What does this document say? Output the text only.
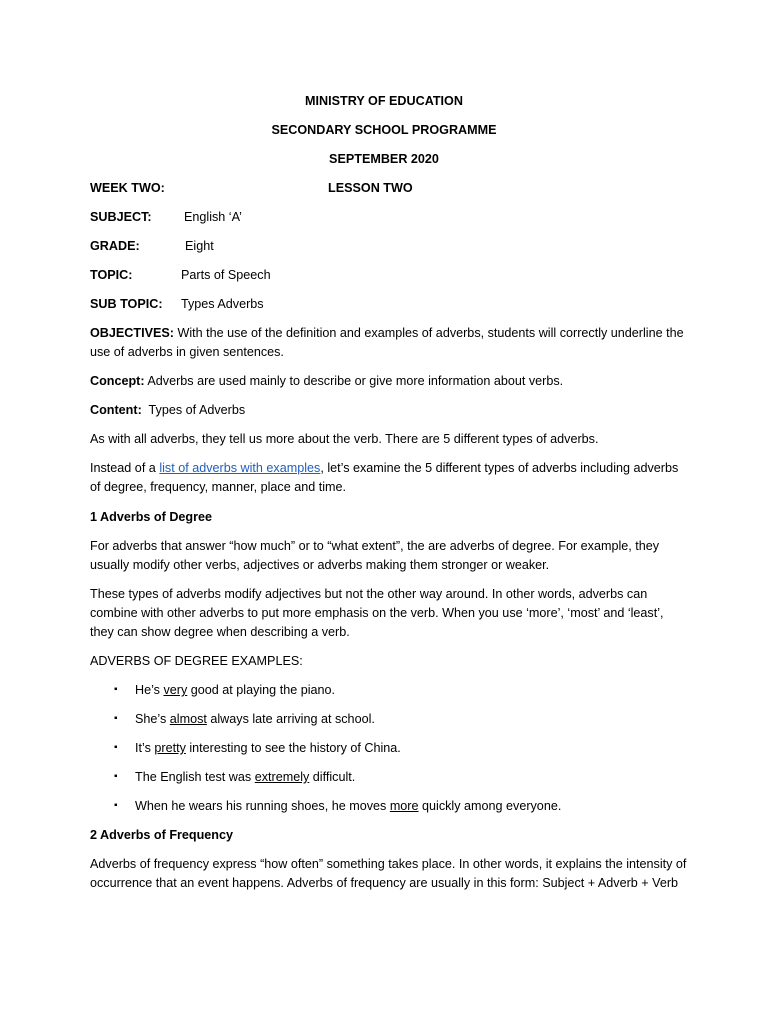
MINISTRY OF EDUCATION
SECONDARY SCHOOL PROGRAMME
SEPTEMBER 2020
WEEK TWO:	LESSON TWO
SUBJECT:	English ‘A’
GRADE:	Eight
TOPIC:	Parts of Speech
SUB TOPIC: Types Adverbs
OBJECTIVES: With the use of the definition and examples of adverbs, students will correctly underline the use of adverbs in given sentences.
Concept: Adverbs are used mainly to describe or give more information about verbs.
Content:  Types of Adverbs
As with all adverbs, they tell us more about the verb. There are 5 different types of adverbs.
Instead of a list of adverbs with examples, let’s examine the 5 different types of adverbs including adverbs of degree, frequency, manner, place and time.
1 Adverbs of Degree
For adverbs that answer “how much” or to “what extent”, the are adverbs of degree. For example, they usually modify other verbs, adjectives or adverbs making them stronger or weaker.
These types of adverbs modify adjectives but not the other way around. In other words, adverbs can combine with other adverbs to put more emphasis on the verb. When you use ‘more’, ‘most’ and ‘least’, they can show degree when describing a verb.
ADVERBS OF DEGREE EXAMPLES:
▪ He’s very good at playing the piano.
▪ She’s almost always late arriving at school.
▪ It’s pretty interesting to see the history of China.
▪ The English test was extremely difficult.
▪ When he wears his running shoes, he moves more quickly among everyone.
2 Adverbs of Frequency
Adverbs of frequency express “how often” something takes place. In other words, it explains the intensity of occurrence that an event happens. Adverbs of frequency are usually in this form: Subject + Adverb + Verb
